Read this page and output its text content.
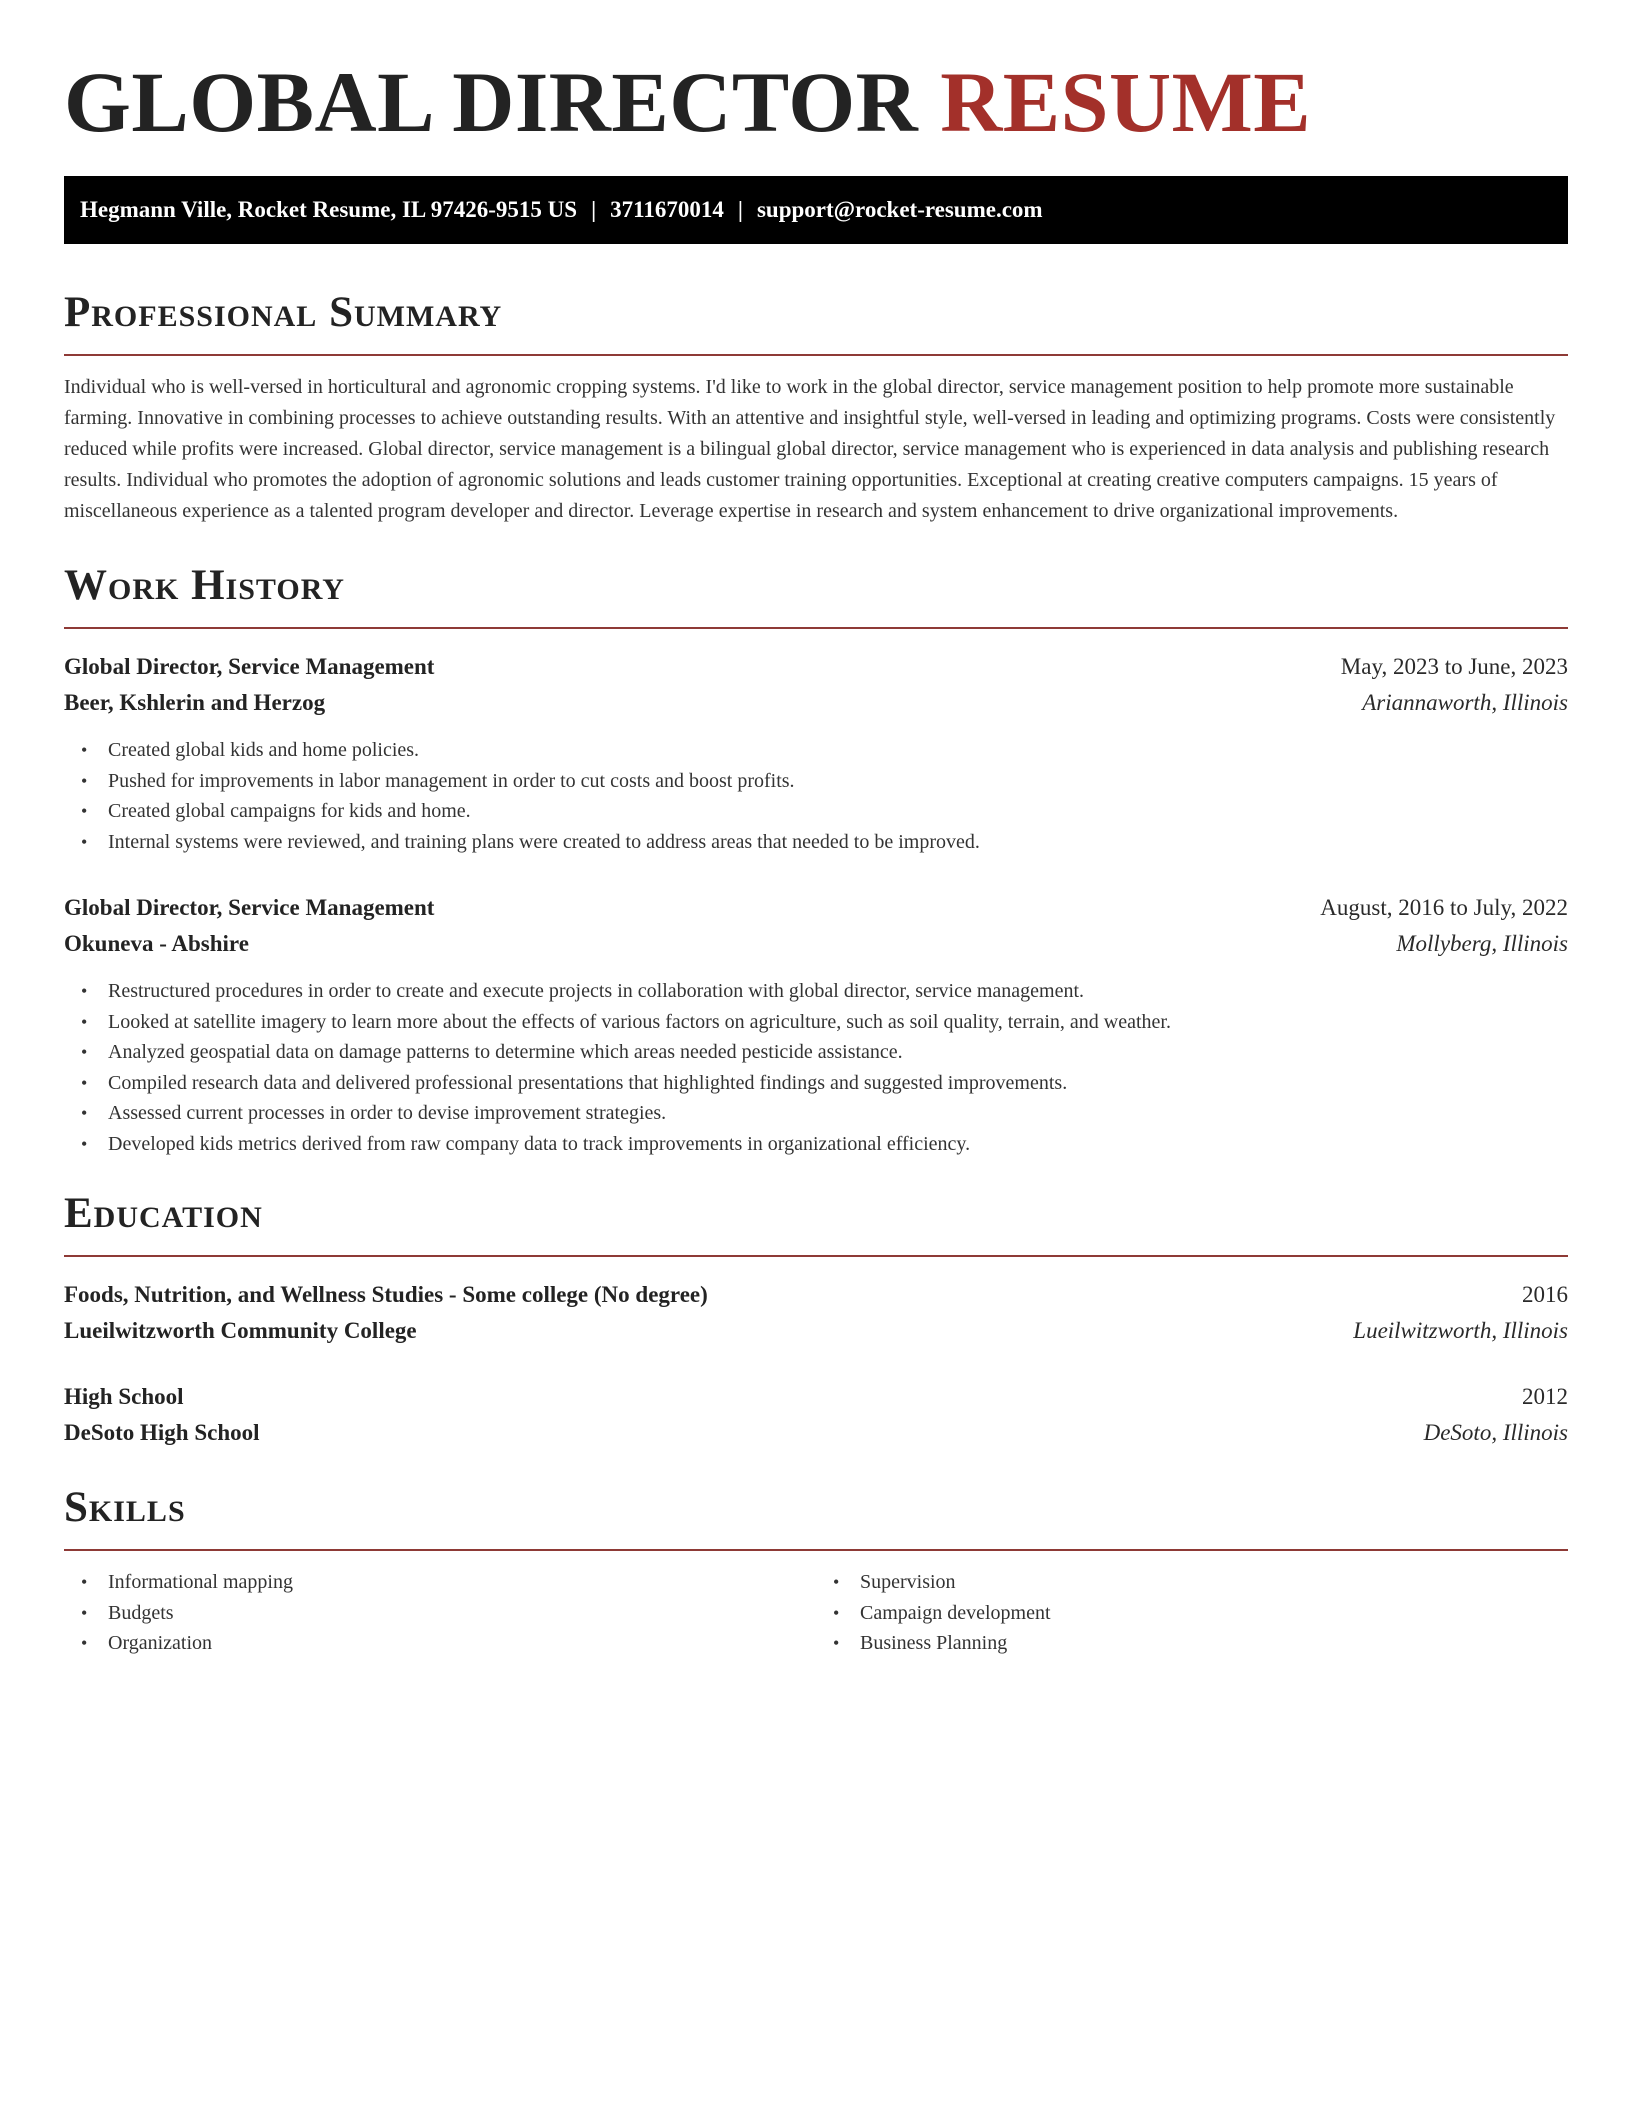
GLOBAL DIRECTOR RESUME
Hegmann Ville, Rocket Resume, IL 97426-9515 US | 3711670014 | support@rocket-resume.com
Professional Summary

Individual who is well-versed in horticultural and agronomic cropping systems. I'd like to work in the global director, service management position to help promote more sustainable farming. Innovative in combining processes to achieve outstanding results. With an attentive and insightful style, well-versed in leading and optimizing programs. Costs were consistently reduced while profits were increased. Global director, service management is a bilingual global director, service management who is experienced in data analysis and publishing research results. Individual who promotes the adoption of agronomic solutions and leads customer training opportunities. Exceptional at creating creative computers campaigns. 15 years of miscellaneous experience as a talented program developer and director. Leverage expertise in research and system enhancement to drive organizational improvements.

Work History
Global Director, Service Management	May, 2023 to June, 2023
Beer, Kshlerin and Herzog	Ariannaworth, Illinois
• Created global kids and home policies.
• Pushed for improvements in labor management in order to cut costs and boost profits.
• Created global campaigns for kids and home.
• Internal systems were reviewed, and training plans were created to address areas that needed to be improved.
Global Director, Service Management	August, 2016 to July, 2022
Okuneva - Abshire	Mollyberg, Illinois
• Restructured procedures in order to create and execute projects in collaboration with global director, service management.
• Looked at satellite imagery to learn more about the effects of various factors on agriculture, such as soil quality, terrain, and weather.
• Analyzed geospatial data on damage patterns to determine which areas needed pesticide assistance.
• Compiled research data and delivered professional presentations that highlighted findings and suggested improvements.
• Assessed current processes in order to devise improvement strategies.
• Developed kids metrics derived from raw company data to track improvements in organizational efficiency.
Education
Foods, Nutrition, and Wellness Studies - Some college (No degree)	2016
Lueilwitzworth Community College	Lueilwitzworth, Illinois
High School	2012
DeSoto High School	DeSoto, Illinois
Skills
• Informational mapping
• Budgets
• Organization
• Supervision
• Campaign development
• Business Planning
